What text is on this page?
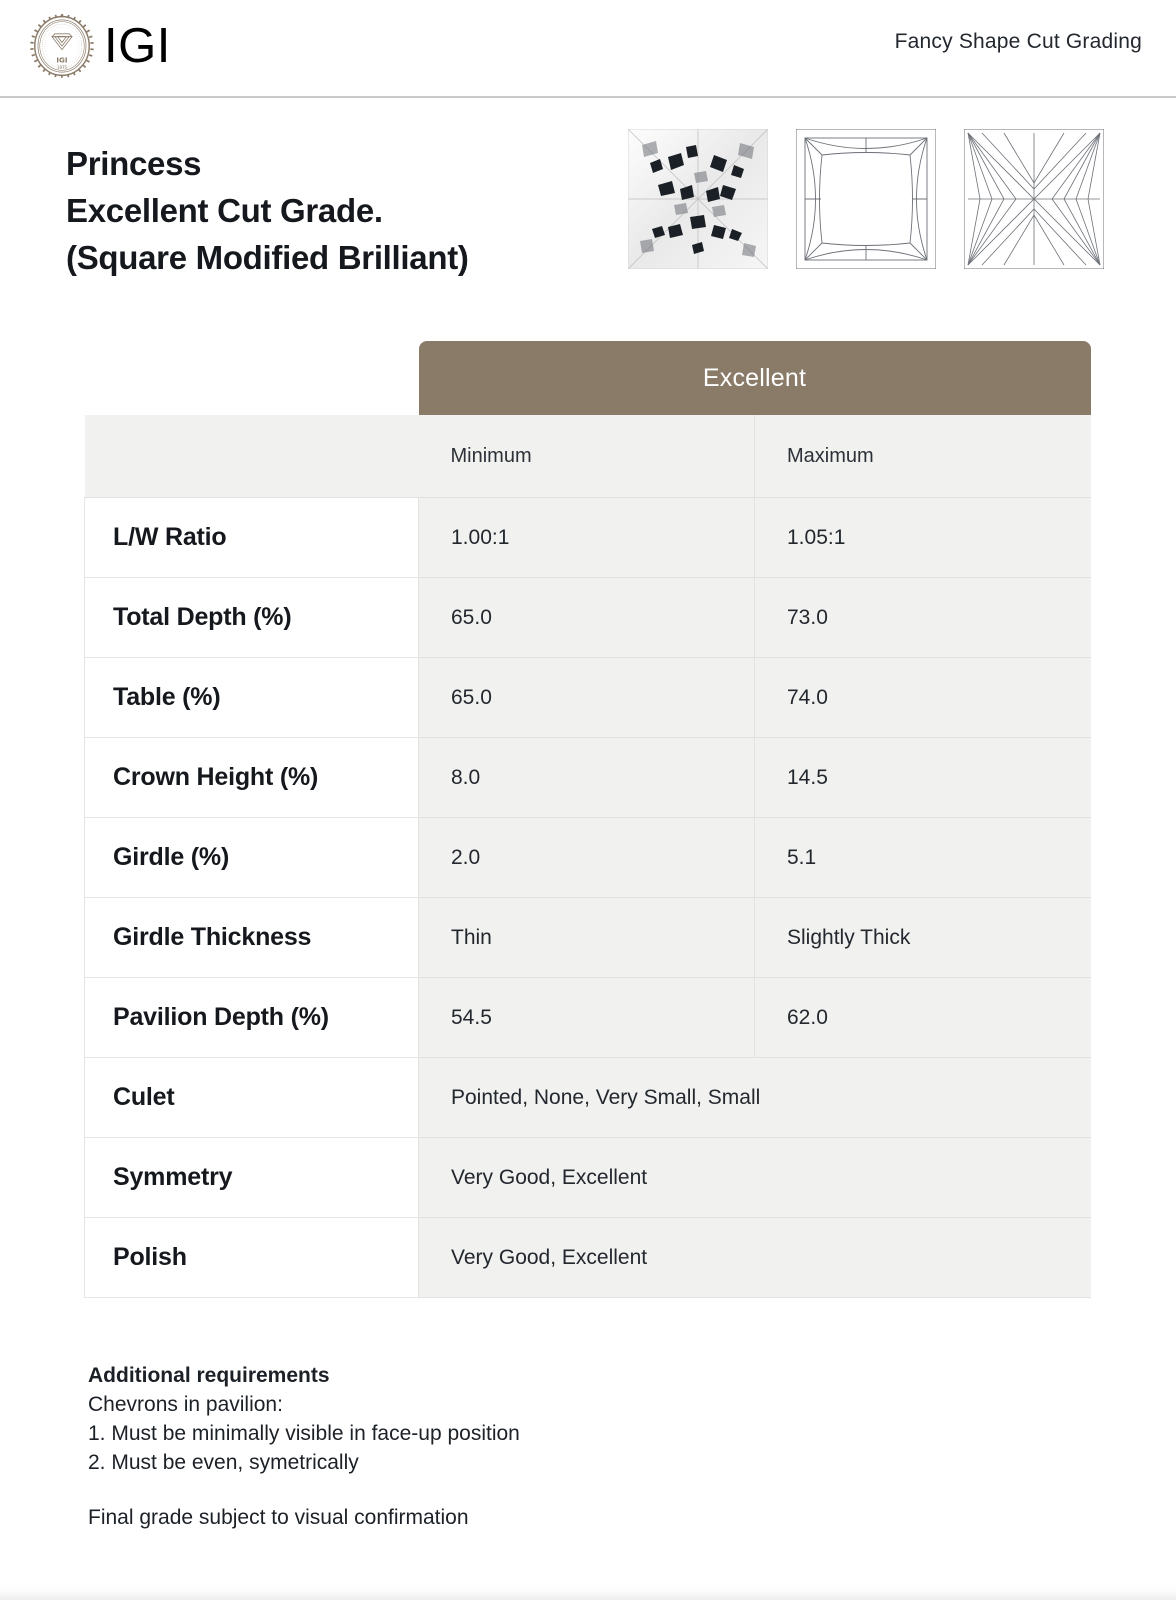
IGI
1975 IGI	Fancy Shape Cut Grading
Princess
Excellent Cut Grade.
(Square Modified Brilliant)
	Excellent	
	Minimum	Maximum
L/W Ratio	1.00:1	1.05:1
Total Depth (%)	65.0	73.0
Table (%)	65.0	74.0
Crown Height (%)	8.0	14.5
Girdle (%)	2.0	5.1
Girdle Thickness	Thin	Slightly Thick
Pavilion Depth (%)	54.5	62.0
Culet	Pointed, None, Very Small, Small	
Symmetry	Very Good, Excellent	
Polish	Very Good, Excellent	
Additional requirements
Chevrons in pavilion:
1. Must be minimally visible in face-up position
2. Must be even, symetrically
Final grade subject to visual confirmation
